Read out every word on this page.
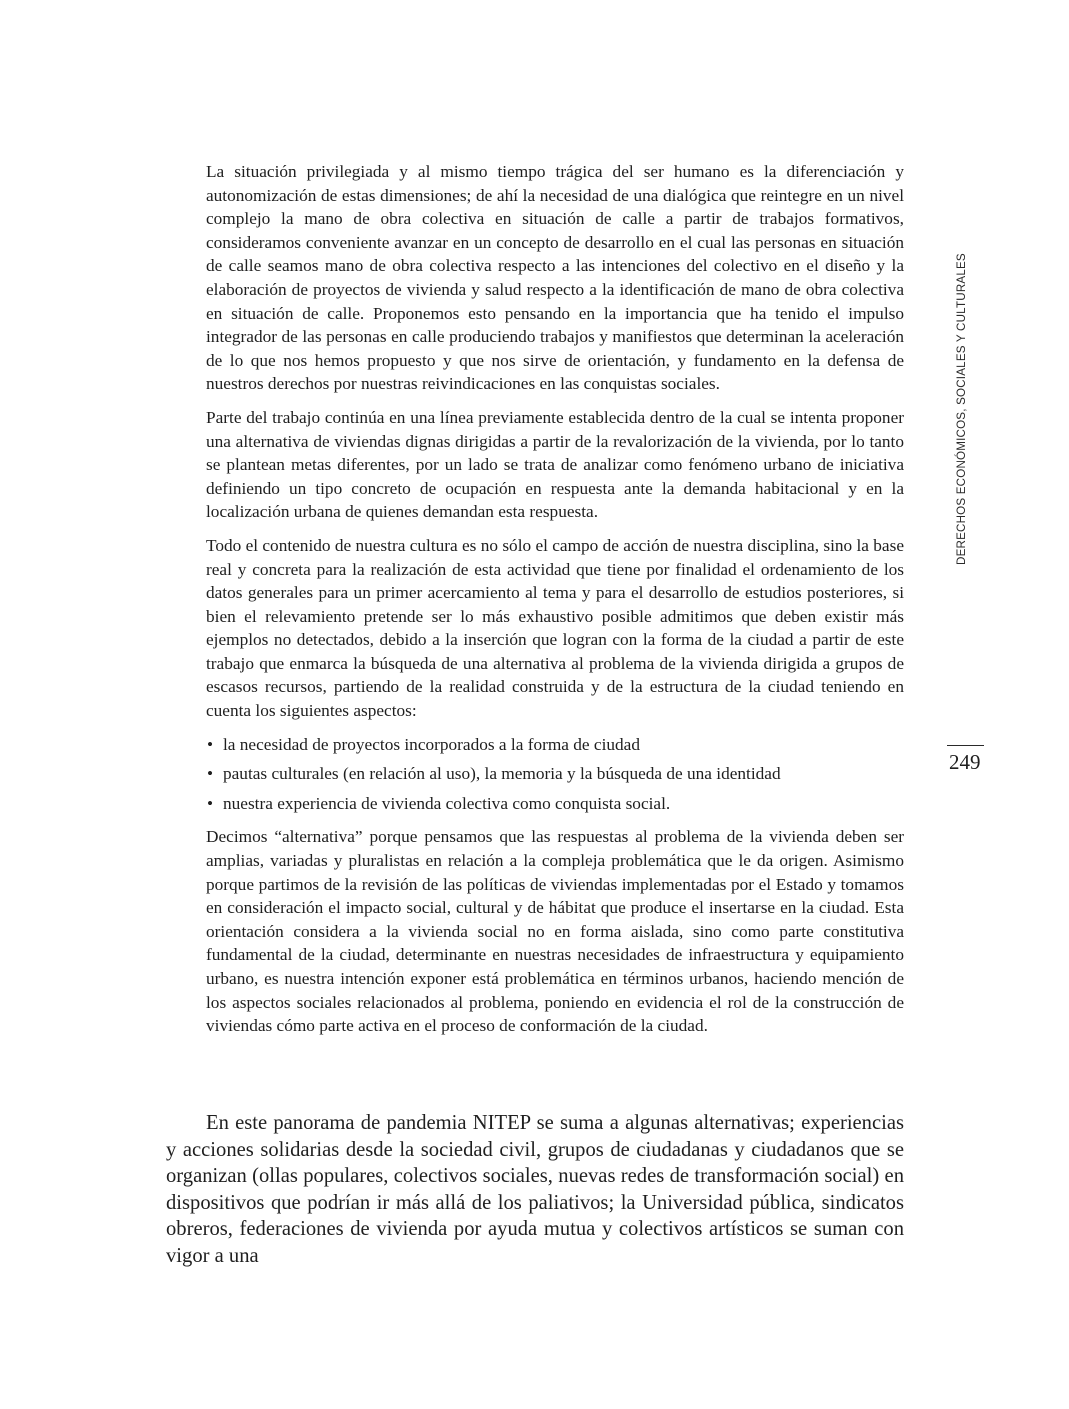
La situación privilegiada y al mismo tiempo trágica del ser humano es la diferenciación y autonomización de estas dimensiones; de ahí la necesidad de una dialógica que reintegre en un nivel complejo la mano de obra colectiva en situación de calle a partir de trabajos formativos, consideramos conveniente avanzar en un concepto de desarrollo en el cual las personas en situación de calle seamos mano de obra colectiva respecto a las intenciones del colectivo en el diseño y la elaboración de proyectos de vivienda y salud respecto a la identificación de mano de obra colectiva en situación de calle. Proponemos esto pensando en la importancia que ha tenido el impulso integrador de las personas en calle produciendo trabajos y manifiestos que determinan la aceleración de lo que nos hemos propuesto y que nos sirve de orientación, y fundamento en la defensa de nuestros derechos por nuestras reivindicaciones en las conquistas sociales.

Parte del trabajo continúa en una línea previamente establecida dentro de la cual se intenta proponer una alternativa de viviendas dignas dirigidas a partir de la revalorización de la vivienda, por lo tanto se plantean metas diferentes, por un lado se trata de analizar como fenómeno urbano de iniciativa definiendo un tipo concreto de ocupación en respuesta ante la demanda habitacional y en la localización urbana de quienes demandan esta respuesta.

Todo el contenido de nuestra cultura es no sólo el campo de acción de nuestra disciplina, sino la base real y concreta para la realización de esta actividad que tiene por finalidad el ordenamiento de los datos generales para un primer acercamiento al tema y para el desarrollo de estudios posteriores, si bien el relevamiento pretende ser lo más exhaustivo posible admitimos que deben existir más ejemplos no detectados, debido a la inserción que logran con la forma de la ciudad a partir de este trabajo que enmarca la búsqueda de una alternativa al problema de la vivienda dirigida a grupos de escasos recursos, partiendo de la realidad construida y de la estructura de la ciudad teniendo en cuenta los siguientes aspectos:

• la necesidad de proyectos incorporados a la forma de ciudad
• pautas culturales (en relación al uso), la memoria y la búsqueda de una identidad
• nuestra experiencia de vivienda colectiva como conquista social.

Decimos “alternativa” porque pensamos que las respuestas al problema de la vivienda deben ser amplias, variadas y pluralistas en relación a la compleja problemática que le da origen. Asimismo porque partimos de la revisión de las políticas de viviendas implementadas por el Estado y tomamos en consideración el impacto social, cultural y de hábitat que produce el insertarse en la ciudad. Esta orientación considera a la vivienda social no en forma aislada, sino como parte constitutiva fundamental de la ciudad, determinante en nuestras necesidades de infraestructura y equipamiento urbano, es nuestra intención exponer está problemática en términos urbanos, haciendo mención de los aspectos sociales relacionados al problema, poniendo en evidencia el rol de la construcción de viviendas cómo parte activa en el proceso de conformación de la ciudad.

En este panorama de pandemia NITEP se suma a algunas alternativas; experiencias y acciones solidarias desde la sociedad civil, grupos de ciudadanas y ciudadanos que se organizan (ollas populares, colectivos sociales, nuevas redes de transformación social) en dispositivos que podrían ir más allá de los paliativos; la Universidad pública, sindicatos obreros, federaciones de vivienda por ayuda mutua y colectivos artísticos se suman con vigor a una

DERECHOS ECONÓMICOS, SOCIALES Y CULTURALES
249
